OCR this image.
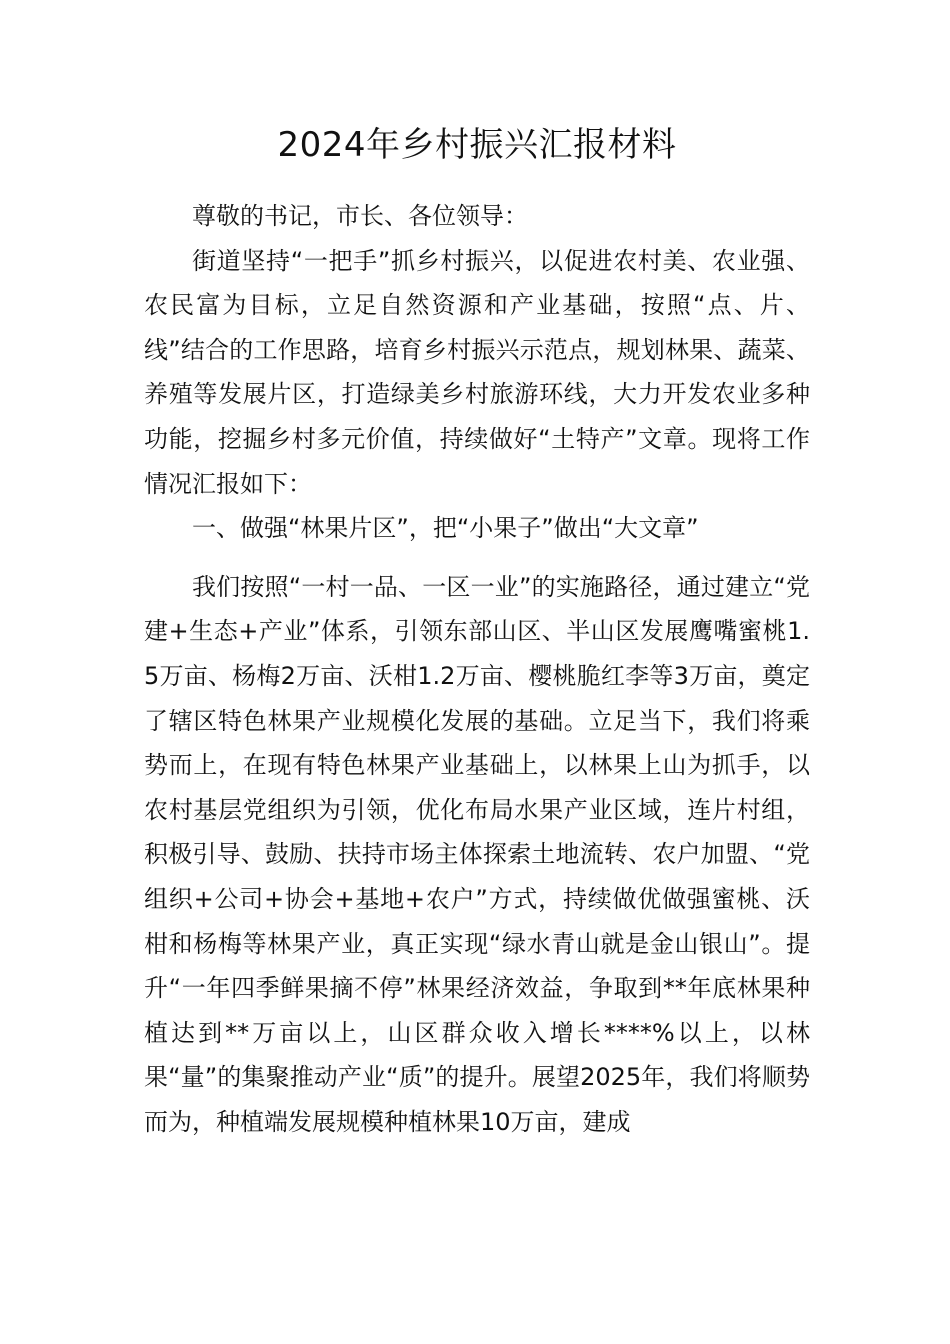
2024年乡村振兴汇报材料

尊敬的书记，市长、各位领导：

街道坚持“一把手”抓乡村振兴，以促进农村美、农业强、农民富为目标，立足自然资源和产业基础，按照“点、片、线”结合的工作思路，培育乡村振兴示范点，规划林果、蔬菜、养殖等发展片区，打造绿美乡村旅游环线，大力开发农业多种功能，挖掘乡村多元价值，持续做好“土特产”文章。现将工作情况汇报如下：

一、做强“林果片区”，把“小果子”做出“大文章”

我们按照“一村一品、一区一业”的实施路径，通过建立“党建+生态+产业”体系，引领东部山区、半山区发展鹰嘴蜜桃1.5万亩、杨梅2万亩、沃柑1.2万亩、樱桃脆红李等3万亩，奠定了辖区特色林果产业规模化发展的基础。立足当下，我们将乘势而上，在现有特色林果产业基础上，以林果上山为抓手，以农村基层党组织为引领，优化布局水果产业区域，连片村组，积极引导、鼓励、扶持市场主体探索土地流转、农户加盟、“党组织+公司+协会+基地+农户”方式，持续做优做强蜜桃、沃柑和杨梅等林果产业，真正实现“绿水青山就是金山银山”。提升“一年四季鲜果摘不停”林果经济效益，争取到**年底林果种植达到**万亩以上，山区群众收入增长****%以上，以林果“量”的集聚推动产业“质”的提升。展望2025年，我们将顺势而为，种植端发展规模种植林果10万亩，建成
